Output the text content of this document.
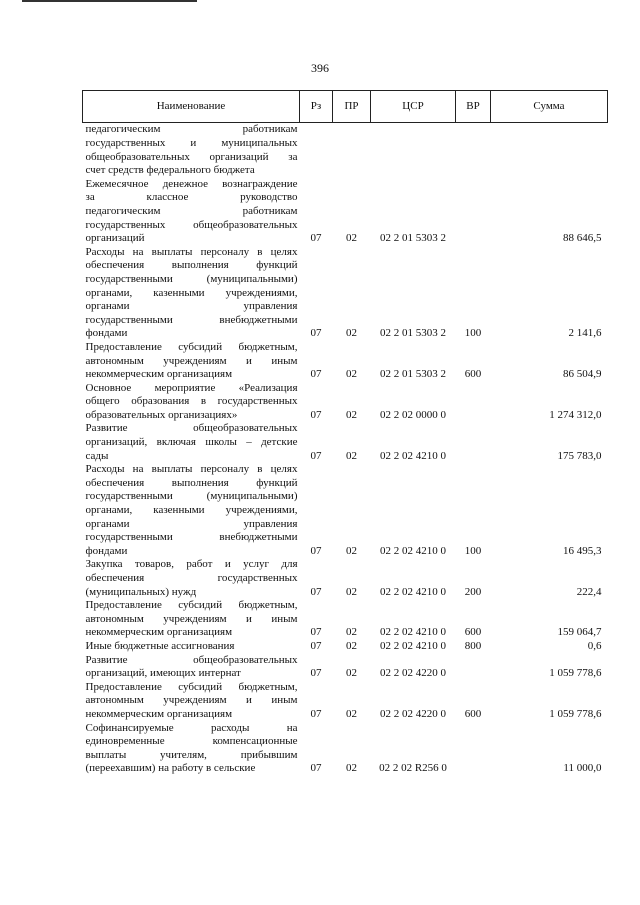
396
Наименование	Рз	ПР	ЦСР	ВР	Сумма
педагогическим работникам					
государственных и муниципальных					
общеобразовательных организаций за					
счет средств федерального бюджета					
Ежемесячное денежное вознаграждение	07	02	02 2 01 5303 2		88 646,5
за классное руководство					
педагогическим работникам					
государственных общеобразовательных					
организаций					
Расходы на выплаты персоналу в целях	07	02	02 2 01 5303 2	100	2 141,6
обеспечения выполнения функций					
государственными (муниципальными)					
органами, казенными учреждениями,					
органами управления					
государственными внебюджетными					
фондами					
Предоставление субсидий бюджетным,	07	02	02 2 01 5303 2	600	86 504,9
автономным учреждениям и иным					
некоммерческим организациям					
Основное мероприятие «Реализация	07	02	02 2 02 0000 0		1 274 312,0
общего образования в государственных					
образовательных организациях»					
Развитие общеобразовательных	07	02	02 2 02 4210 0		175 783,0
организаций, включая школы – детские					
сады					
Расходы на выплаты персоналу в целях	07	02	02 2 02 4210 0	100	16 495,3
обеспечения выполнения функций					
государственными (муниципальными)					
органами, казенными учреждениями,					
органами управления					
государственными внебюджетными					
фондами					
Закупка товаров, работ и услуг для	07	02	02 2 02 4210 0	200	222,4
обеспечения государственных					
(муниципальных) нужд					
Предоставление субсидий бюджетным,	07	02	02 2 02 4210 0	600	159 064,7
автономным учреждениям и иным					
некоммерческим организациям					
Иные бюджетные ассигнования	07	02	02 2 02 4210 0	800	0,6
Развитие общеобразовательных	07	02	02 2 02 4220 0		1 059 778,6
организаций, имеющих интернат					
Предоставление субсидий бюджетным,	07	02	02 2 02 4220 0	600	1 059 778,6
автономным учреждениям и иным					
некоммерческим организациям					
Софинансируемые расходы на	07	02	02 2 02 R256 0		11 000,0
единовременные компенсационные					
выплаты учителям, прибывшим					
(переехавшим) на работу в сельские					
